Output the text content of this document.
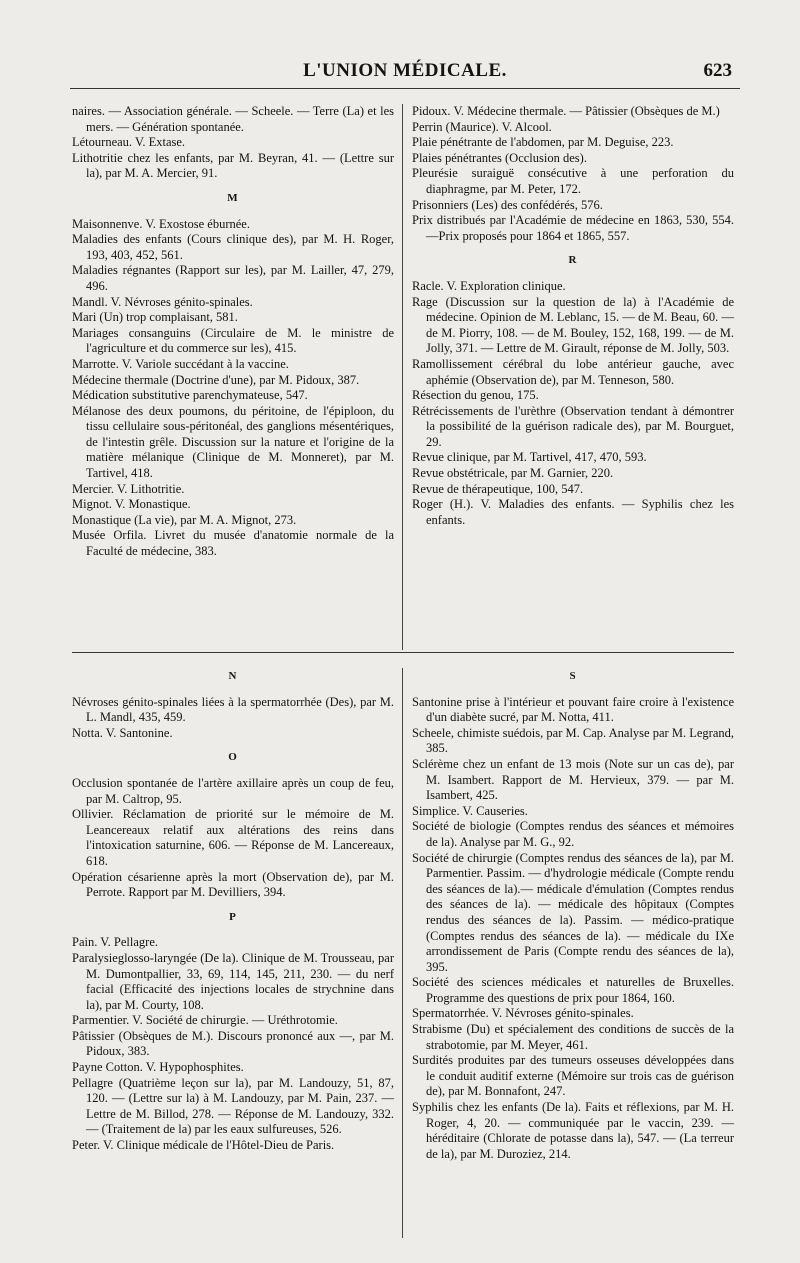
L'UNION MÉDICALE.	623

naires. — Association générale. — Scheele. — Terre (La) et les mers. — Génération spontanée.

Létourneau. V. Extase.

Lithotritie chez les enfants, par M. Beyran, 41. — (Lettre sur la), par M. A. Mercier, 91.

M

Maisonnenve. V. Exostose éburnée.

Maladies des enfants (Cours clinique des), par M. H. Roger, 193, 403, 452, 561.

Maladies régnantes (Rapport sur les), par M. Lailler, 47, 279, 496.

Mandl. V. Névroses génito-spinales.

Mari (Un) trop complaisant, 581.

Mariages consanguins (Circulaire de M. le ministre de l'agriculture et du commerce sur les), 415.

Marrotte. V. Variole succédant à la vaccine.

Médecine thermale (Doctrine d'une), par M. Pidoux, 387.

Médication substitutive parenchymateuse, 547.

Mélanose des deux poumons, du péritoine, de l'épiploon, du tissu cellulaire sous-péritonéal, des ganglions mésentériques, de l'intestin grêle. Discussion sur la nature et l'origine de la matière mélanique (Clinique de M. Monneret), par M. Tartivel, 418.

Mercier. V. Lithotritie.

Mignot. V. Monastique.

Monastique (La vie), par M. A. Mignot, 273.

Musée Orfila. Livret du musée d'anatomie normale de la Faculté de médecine, 383.

Pidoux. V. Médecine thermale. — Pâtissier (Obsèques de M.)

Perrin (Maurice). V. Alcool.

Plaie pénétrante de l'abdomen, par M. Deguise, 223.

Plaies pénétrantes (Occlusion des).

Pleurésie suraiguë consécutive à une perforation du diaphragme, par M. Peter, 172.

Prisonniers (Les) des confédérés, 576.

Prix distribués par l'Académie de médecine en 1863, 530, 554.—Prix proposés pour 1864 et 1865, 557.

R

Racle. V. Exploration clinique.

Rage (Discussion sur la question de la) à l'Académie de médecine. Opinion de M. Leblanc, 15. — de M. Beau, 60. — de M. Piorry, 108. — de M. Bouley, 152, 168, 199. — de M. Jolly, 371. — Lettre de M. Girault, réponse de M. Jolly, 503.

Ramollissement cérébral du lobe antérieur gauche, avec aphémie (Observation de), par M. Tenneson, 580.

Résection du genou, 175.

Rétrécissements de l'urèthre (Observation tendant à démontrer la possibilité de la guérison radicale des), par M. Bourguet, 29.

Revue clinique, par M. Tartivel, 417, 470, 593.

Revue obstétricale, par M. Garnier, 220.

Revue de thérapeutique, 100, 547.

Roger (H.). V. Maladies des enfants. — Syphilis chez les enfants.

N

Névroses génito-spinales liées à la spermatorrhée (Des), par M. L. Mandl, 435, 459.

Notta. V. Santonine.

O

Occlusion spontanée de l'artère axillaire après un coup de feu, par M. Caltrop, 95.

Ollivier. Réclamation de priorité sur le mémoire de M. Leancereaux relatif aux altérations des reins dans l'intoxication saturnine, 606. — Réponse de M. Lancereaux, 618.

Opération césarienne après la mort (Observation de), par M. Perrote. Rapport par M. Devilliers, 394.

P

Pain. V. Pellagre.

Paralysieglosso-laryngée (De la). Clinique de M. Trousseau, par M. Dumontpallier, 33, 69, 114, 145, 211, 230. — du nerf facial (Efficacité des injections locales de strychnine dans la), par M. Courty, 108.

Parmentier. V. Société de chirurgie. — Uréthrotomie.

Pâtissier (Obsèques de M.). Discours prononcé aux —, par M. Pidoux, 383.

Payne Cotton. V. Hypophosphites.

Pellagre (Quatrième leçon sur la), par M. Landouzy, 51, 87, 120. — (Lettre sur la) à M. Landouzy, par M. Pain, 237. — Lettre de M. Billod, 278. — Réponse de M. Landouzy, 332. — (Traitement de la) par les eaux sulfureuses, 526.

Peter. V. Clinique médicale de l'Hôtel-Dieu de Paris.

S

Santonine prise à l'intérieur et pouvant faire croire à l'existence d'un diabète sucré, par M. Notta, 411.

Scheele, chimiste suédois, par M. Cap. Analyse par M. Legrand, 385.

Sclérème chez un enfant de 13 mois (Note sur un cas de), par M. Isambert. Rapport de M. Hervieux, 379. — par M. Isambert, 425.

Simplice. V. Causeries.

Société de biologie (Comptes rendus des séances et mémoires de la). Analyse par M. G., 92.

Société de chirurgie (Comptes rendus des séances de la), par M. Parmentier. Passim. — d'hydrologie médicale (Compte rendu des séances de la).— médicale d'émulation (Comptes rendus des séances de la). — médicale des hôpitaux (Comptes rendus des séances de la). Passim. — médico-pratique (Comptes rendus des séances de la). — médicale du IXe arrondissement de Paris (Compte rendu des séances de la), 395.

Société des sciences médicales et naturelles de Bruxelles. Programme des questions de prix pour 1864, 160.

Spermatorrhée. V. Névroses génito-spinales.

Strabisme (Du) et spécialement des conditions de succès de la strabotomie, par M. Meyer, 461.

Surdités produites par des tumeurs osseuses développées dans le conduit auditif externe (Mémoire sur trois cas de guérison de), par M. Bonnafont, 247.

Syphilis chez les enfants (De la). Faits et réflexions, par M. H. Roger, 4, 20. — communiquée par le vaccin, 239. — héréditaire (Chlorate de potasse dans la), 547. — (La terreur de la), par M. Duroziez, 214.
